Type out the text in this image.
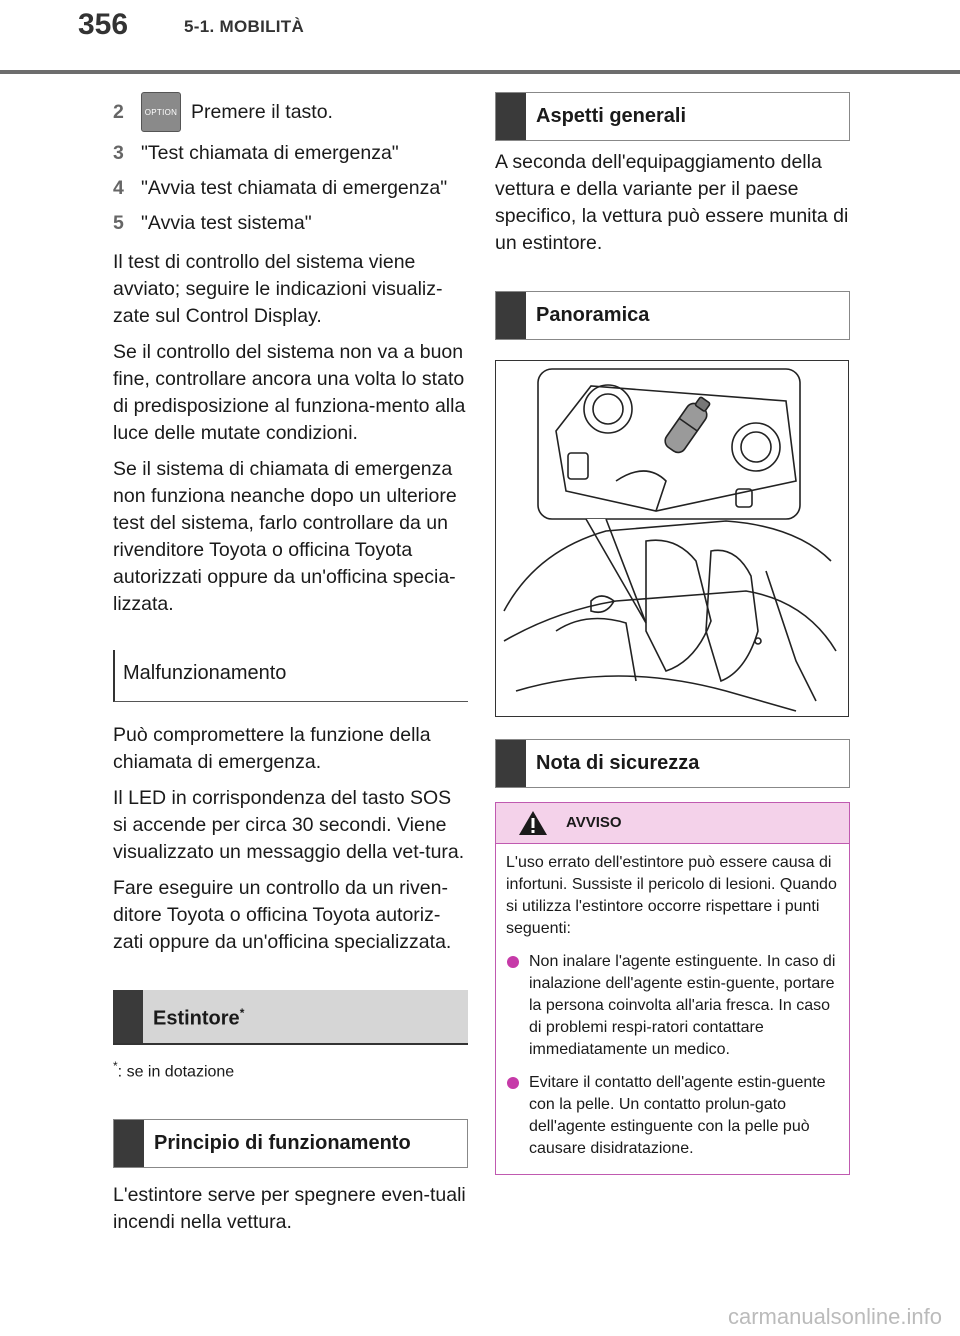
356	5-1. MOBILITÀ
2	OPTION Premere il tasto.
3 "Test chiamata di emergenza"
4 "Avvia test chiamata di emergenza"
5 "Avvia test sistema"

Il test di controllo del sistema viene avviato; seguire le indicazioni visualiz-zate sul Control Display.

Se il controllo del sistema non va a buon fine, controllare ancora una volta lo stato di predisposizione al funziona-mento alla luce delle mutate condizioni.

Se il sistema di chiamata di emergenza non funziona neanche dopo un ulteriore test del sistema, farlo controllare da un rivenditore Toyota o officina Toyota autorizzati oppure da un'officina specia-lizzata.

Malfunzionamento

Può compromettere la funzione della chiamata di emergenza.

Il LED in corrispondenza del tasto SOS si accende per circa 30 secondi. Viene visualizzato un messaggio della vet-tura.

Fare eseguire un controllo da un riven-ditore Toyota o officina Toyota autoriz-zati oppure da un'officina specializzata.

Estintore*
*: se in dotazione
Principio di funzionamento

L'estintore serve per spegnere even-tuali incendi nella vettura.

Aspetti generali

A seconda dell'equipaggiamento della vettura e della variante per il paese specifico, la vettura può essere munita di un estintore.

Panoramica
Nota di sicurezza
AVVISO
L'uso errato dell'estintore può essere causa di infortuni. Sussiste il pericolo di lesioni. Quando si utilizza l'estintore occorre rispettare i punti seguenti:
Non inalare l'agente estinguente. In caso di inalazione dell'agente estin-guente, portare la persona coinvolta all'aria fresca. In caso di problemi respi-ratori contattare immediatamente un medico.
Evitare il contatto dell'agente estin-guente con la pelle. Un contatto prolun-gato dell'agente estinguente con la pelle può causare disidratazione.
carmanualsonline.info
